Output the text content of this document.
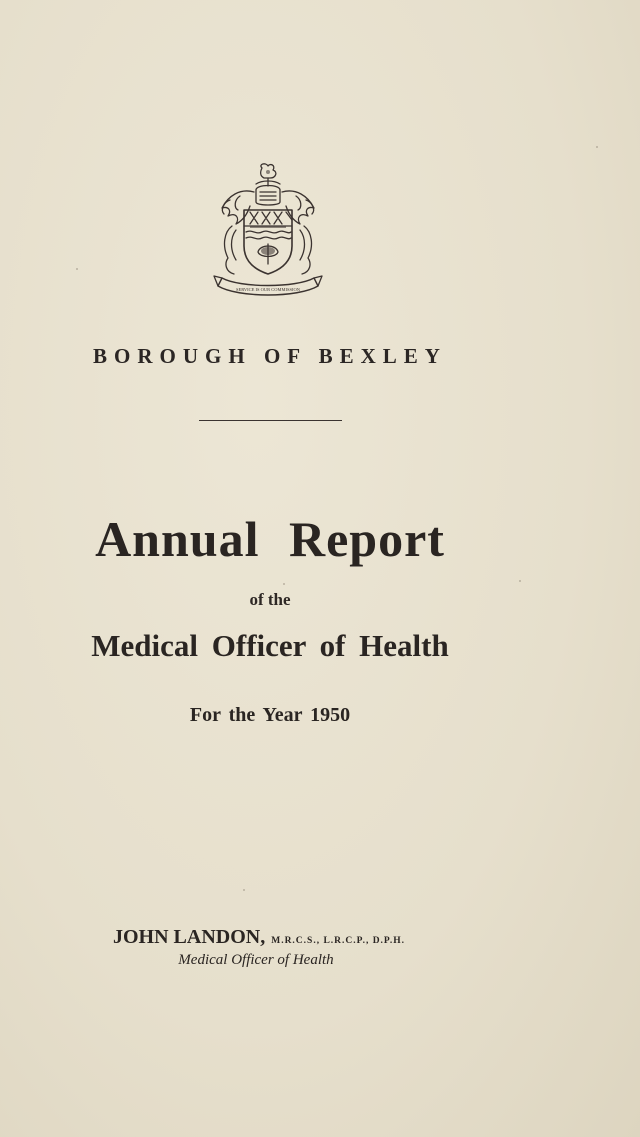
SERVICE IS OUR COMMISSION
BOROUGH OF BEXLEY
Annual Report
of the
Medical Officer of Health
For the Year 1950
JOHN LANDON, M.R.C.S., L.R.C.P., D.P.H.
Medical Officer of Health
